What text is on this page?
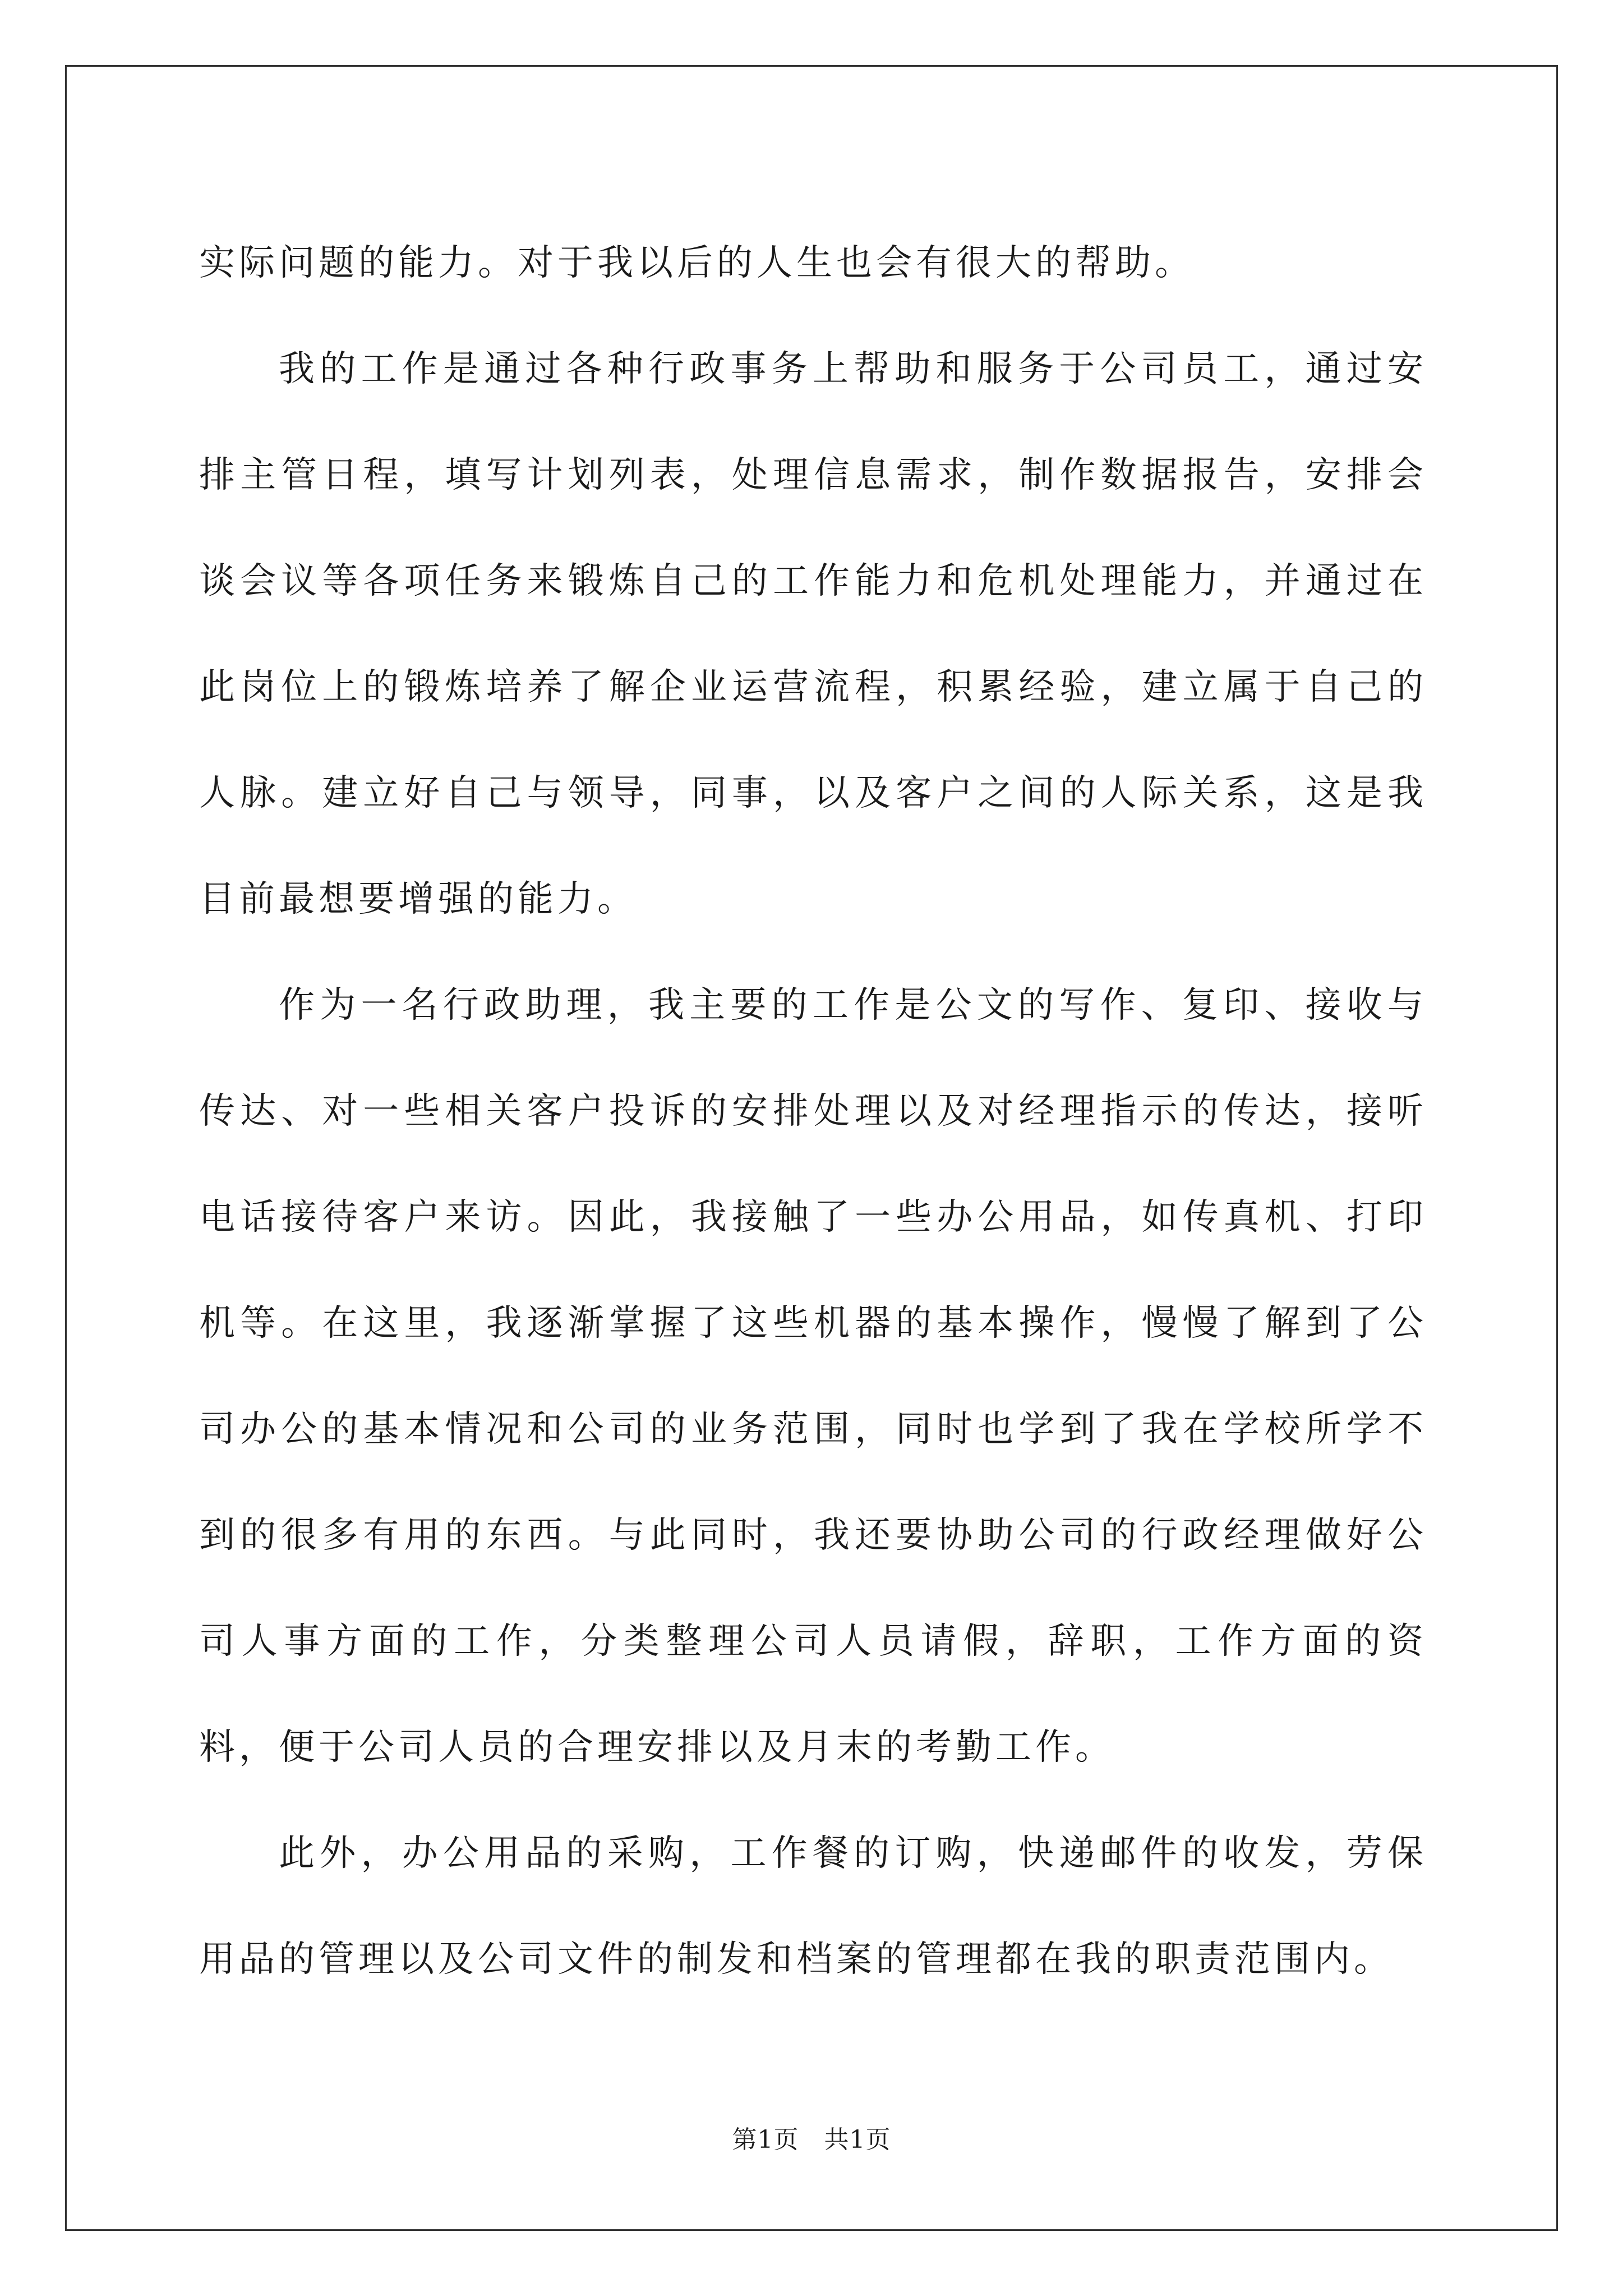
实际问题的能力。对于我以后的人生也会有很大的帮助。

我的工作是通过各种行政事务上帮助和服务于公司员工，通过安排主管日程，填写计划列表，处理信息需求，制作数据报告，安排会谈会议等各项任务来锻炼自己的工作能力和危机处理能力，并通过在此岗位上的锻炼培养了解企业运营流程，积累经验，建立属于自己的人脉。建立好自己与领导，同事，以及客户之间的人际关系，这是我目前最想要增强的能力。

作为一名行政助理，我主要的工作是公文的写作、复印、接收与传达、对一些相关客户投诉的安排处理以及对经理指示的传达，接听电话接待客户来访。因此，我接触了一些办公用品，如传真机、打印机等。在这里，我逐渐掌握了这些机器的基本操作，慢慢了解到了公司办公的基本情况和公司的业务范围，同时也学到了我在学校所学不到的很多有用的东西。与此同时，我还要协助公司的行政经理做好公司人事方面的工作，分类整理公司人员请假，辞职，工作方面的资料，便于公司人员的合理安排以及月末的考勤工作。

此外，办公用品的采购，工作餐的订购，快递邮件的收发，劳保用品的管理以及公司文件的制发和档案的管理都在我的职责范围内。

第1页　共1页
